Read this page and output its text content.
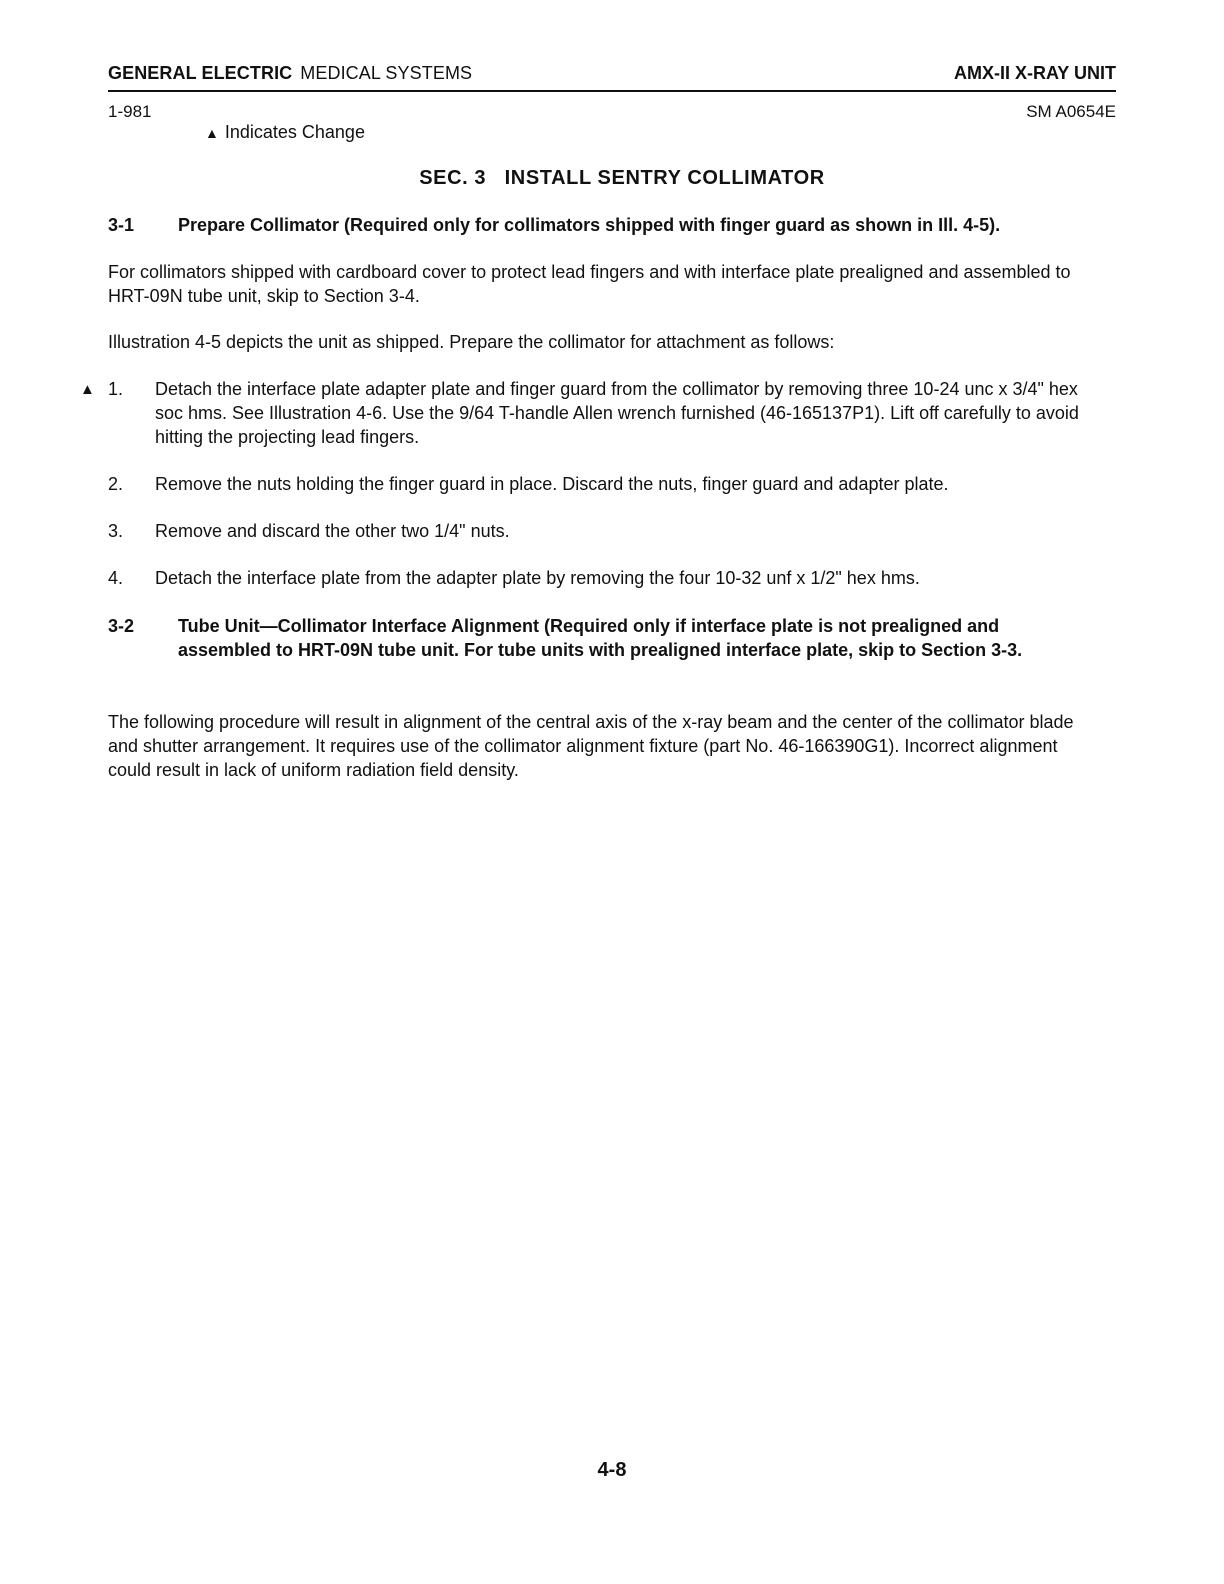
GENERAL ELECTRIC MEDICAL SYSTEMS	AMX-II X-RAY UNIT
1-981	SM A0654E
▲ Indicates Change
SEC. 3   INSTALL SENTRY COLLIMATOR
3-1 Prepare Collimator (Required only for collimators shipped with finger guard as shown in Ill. 4-5).
For collimators shipped with cardboard cover to protect lead fingers and with interface plate prealigned and assembled to HRT-09N tube unit, skip to Section 3-4.
Illustration 4-5 depicts the unit as shipped. Prepare the collimator for attachment as follows:
▲ 1. Detach the interface plate adapter plate and finger guard from the collimator by removing three 10-24 unc x 3/4" hex soc hms. See Illustration 4-6. Use the 9/64 T-handle Allen wrench furnished (46-165137P1). Lift off carefully to avoid hitting the projecting lead fingers.
2. Remove the nuts holding the finger guard in place. Discard the nuts, finger guard and adapter plate.
3. Remove and discard the other two 1/4" nuts.
4. Detach the interface plate from the adapter plate by removing the four 10-32 unf x 1/2" hex hms.
3-2 Tube Unit—Collimator Interface Alignment (Required only if interface plate is not prealigned and assembled to HRT-09N tube unit. For tube units with prealigned interface plate, skip to Section 3-3.
The following procedure will result in alignment of the central axis of the x-ray beam and the center of the collimator blade and shutter arrangement. It requires use of the collimator alignment fixture (part No. 46-166390G1). Incorrect alignment could result in lack of uniform radiation field density.
4-8
